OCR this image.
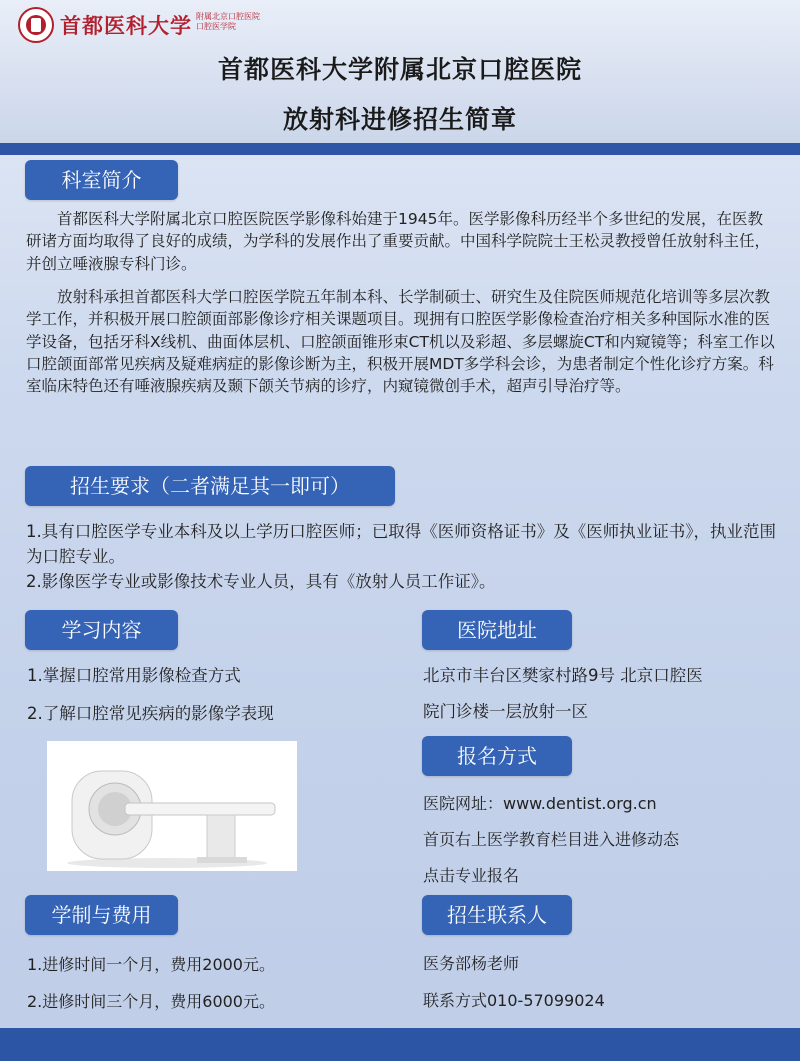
首都医科大学 附属北京口腔医院
口腔医学院
首都医科大学附属北京口腔医院
放射科进修招生简章
科室简介
首都医科大学附属北京口腔医院医学影像科始建于1945年。医学影像科历经半个多世纪的发展，在医教研诸方面均取得了良好的成绩，为学科的发展作出了重要贡献。中国科学院院士王松灵教授曾任放射科主任，并创立唾液腺专科门诊。
放射科承担首都医科大学口腔医学院五年制本科、长学制硕士、研究生及住院医师规范化培训等多层次教学工作，并积极开展口腔颌面部影像诊疗相关课题项目。现拥有口腔医学影像检查治疗相关多种国际水准的医学设备，包括牙科X线机、曲面体层机、口腔颌面锥形束CT机以及彩超、多层螺旋CT和内窥镜等；科室工作以口腔颌面部常见疾病及疑难病症的影像诊断为主，积极开展MDT多学科会诊，为患者制定个性化诊疗方案。科室临床特色还有唾液腺疾病及颞下颌关节病的诊疗，内窥镜微创手术，超声引导治疗等。
招生要求（二者满足其一即可）
1.具有口腔医学专业本科及以上学历口腔医师；已取得《医师资格证书》及《医师执业证书》，执业范围为口腔专业。
2.影像医学专业或影像技术专业人员，具有《放射人员工作证》。
学习内容
1.掌握口腔常用影像检查方式
2.了解口腔常见疾病的影像学表现
医院地址
北京市丰台区樊家村路9号 北京口腔医
院门诊楼一层放射一区
报名方式
医院网址：www.dentist.org.cn
首页右上医学教育栏目进入进修动态
点击专业报名
学制与费用
1.进修时间一个月，费用2000元。
2.进修时间三个月，费用6000元。
招生联系人
医务部杨老师
联系方式010-57099024
